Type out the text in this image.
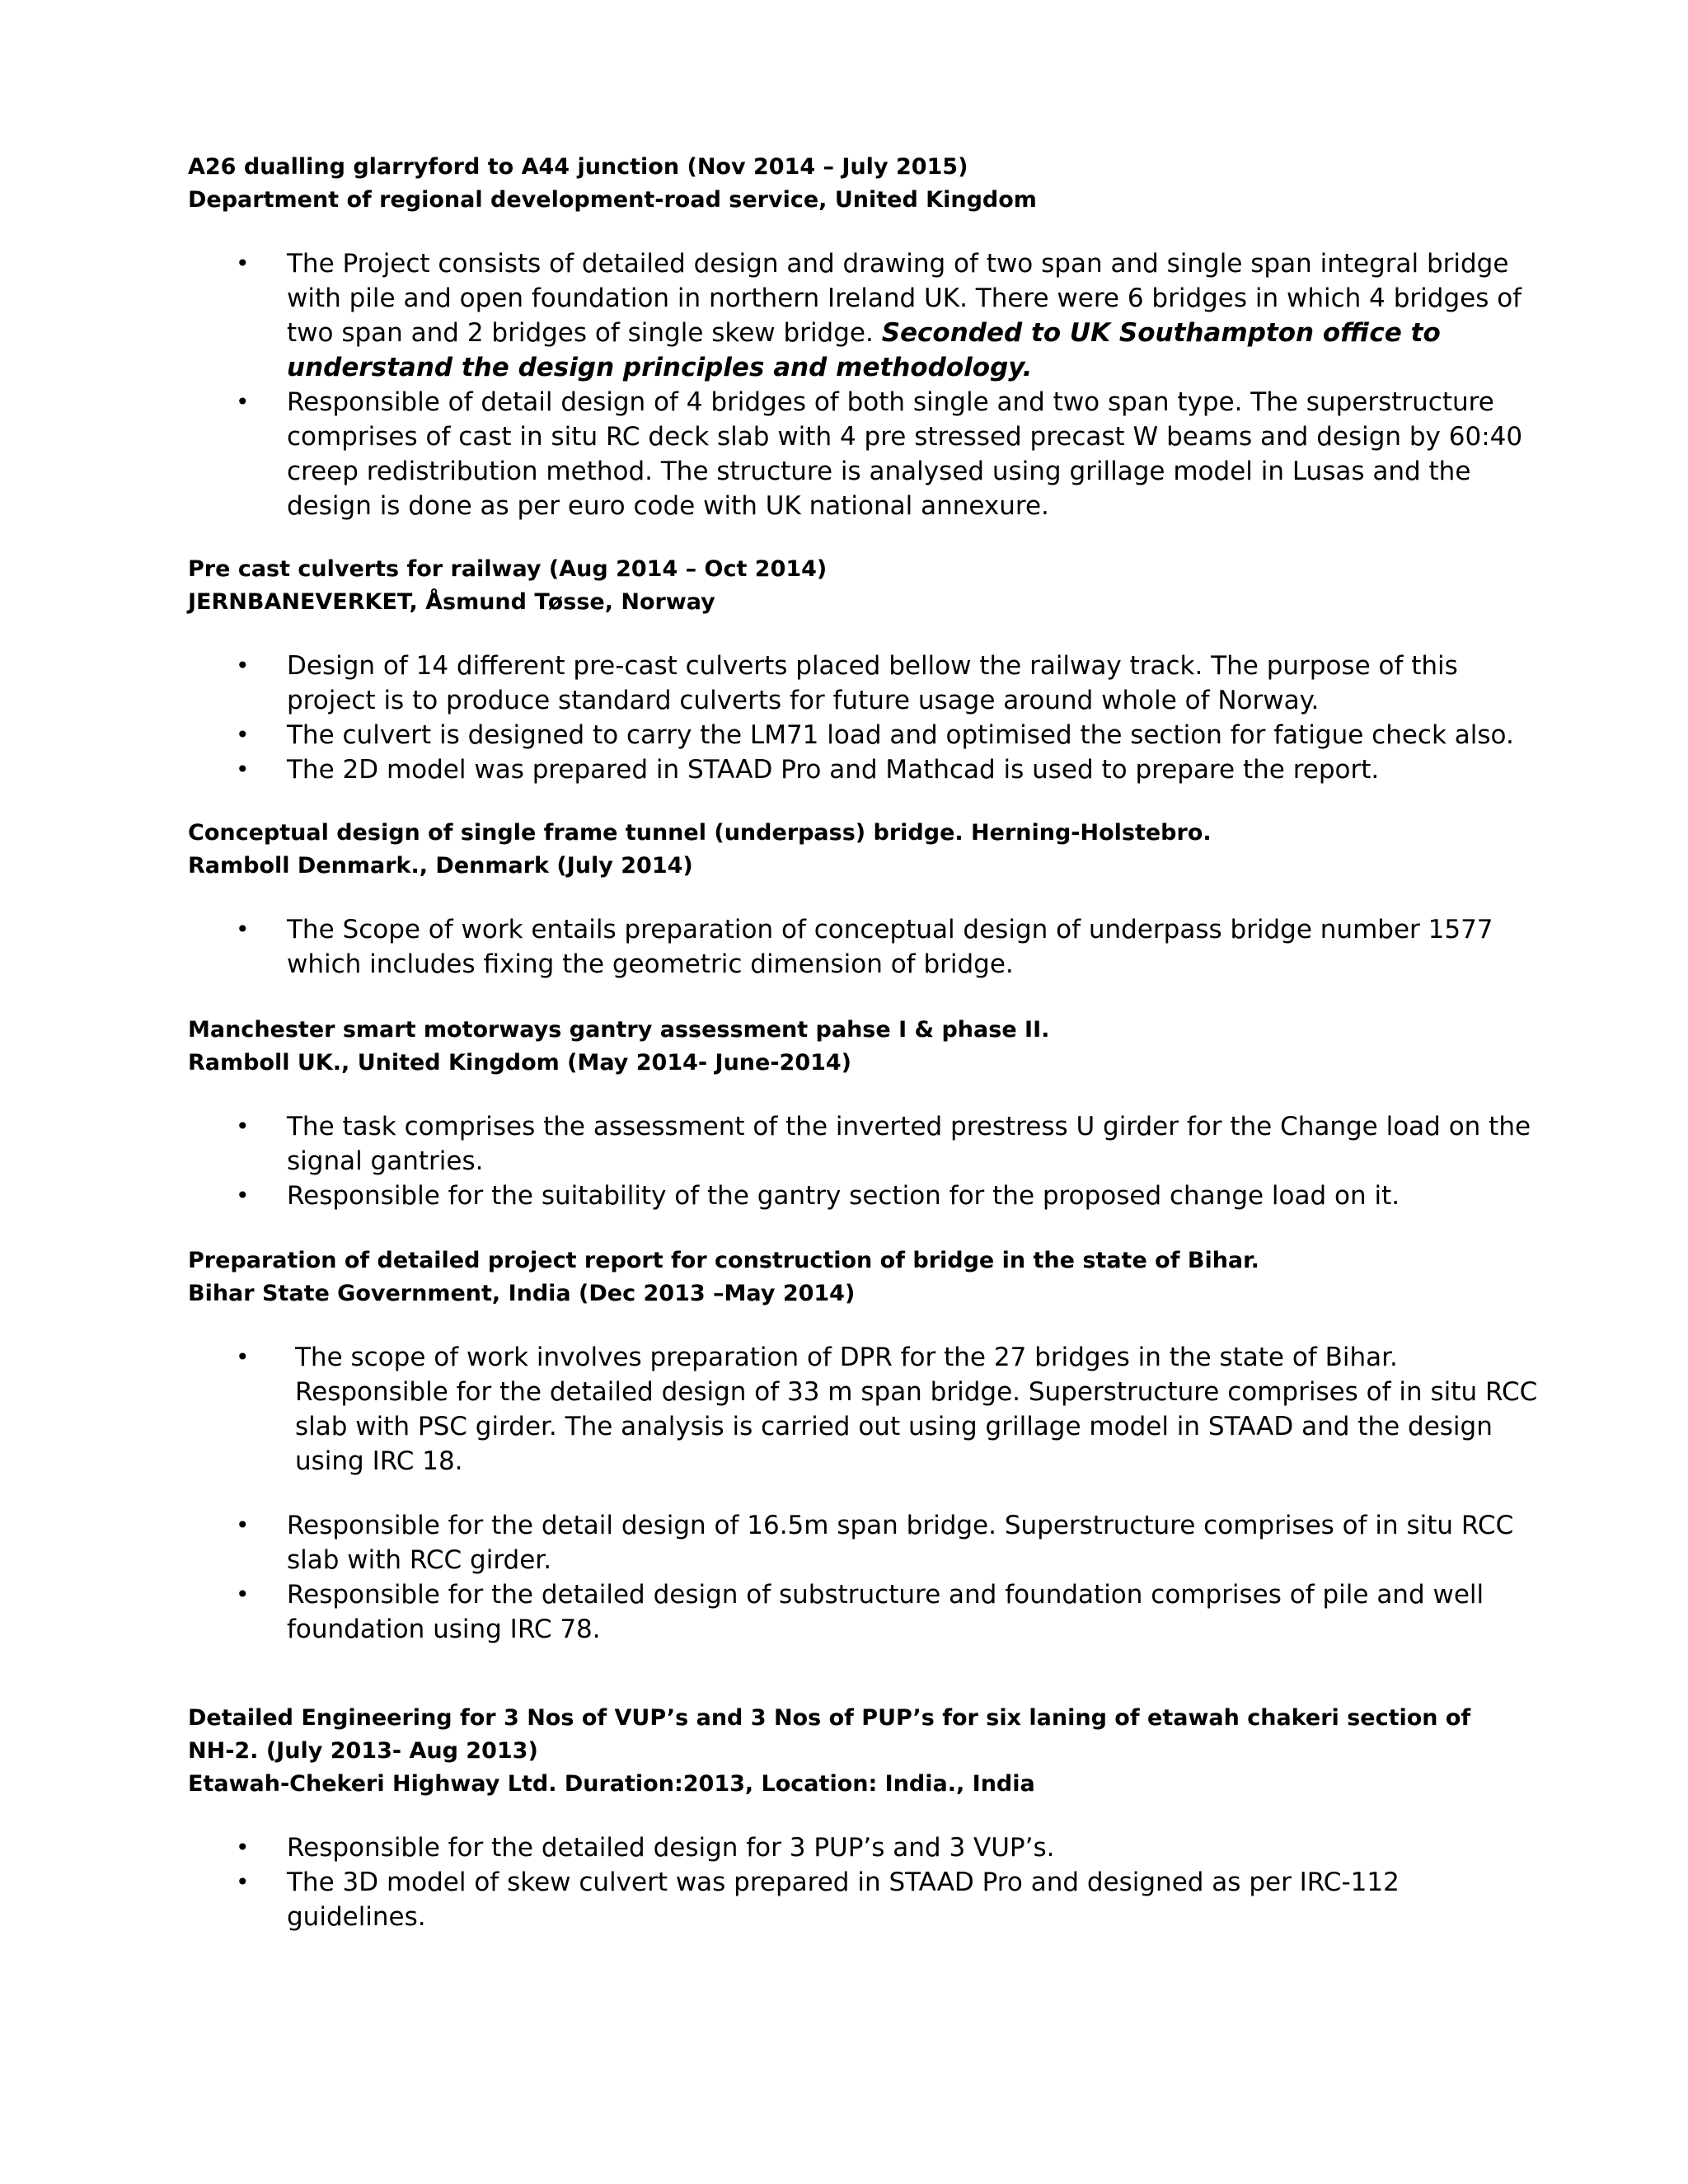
A26 dualling glarryford to A44 junction (Nov 2014 – July 2015)

Department of regional development-road service, United Kingdom

• The Project consists of detailed design and drawing of two span and single span integral bridge with pile and open foundation in northern Ireland UK. There were 6 bridges in which 4 bridges of two span and 2 bridges of single skew bridge. Seconded to UK Southampton office to understand the design principles and methodology.
• Responsible of detail design of 4 bridges of both single and two span type. The superstructure comprises of cast in situ RC deck slab with 4 pre stressed precast W beams and design by 60:40 creep redistribution method. The structure is analysed using grillage model in Lusas and the design is done as per euro code with UK national annexure.

Pre cast culverts for railway (Aug 2014 – Oct 2014)

JERNBANEVERKET, Åsmund Tøsse, Norway

• Design of 14 different pre-cast culverts placed bellow the railway track. The purpose of this project is to produce standard culverts for future usage around whole of Norway.
• The culvert is designed to carry the LM71 load and optimised the section for fatigue check also.
• The 2D model was prepared in STAAD Pro and Mathcad is used to prepare the report.

Conceptual design of single frame tunnel (underpass) bridge. Herning-Holstebro.

Ramboll Denmark., Denmark (July 2014)

• The Scope of work entails preparation of conceptual design of underpass bridge number 1577 which includes fixing the geometric dimension of bridge.

Manchester smart motorways gantry assessment pahse I & phase II.

Ramboll UK., United Kingdom (May 2014- June-2014)

• The task comprises the assessment of the inverted prestress U girder for the Change load on the signal gantries.
• Responsible for the suitability of the gantry section for the proposed change load on it.

Preparation of detailed project report for construction of bridge in the state of Bihar.

Bihar State Government, India (Dec 2013 –May 2014)

• The scope of work involves preparation of DPR for the 27 bridges in the state of Bihar. Responsible for the detailed design of 33 m span bridge. Superstructure comprises of in situ RCC slab with PSC girder. The analysis is carried out using grillage model in STAAD and the design using IRC 18.
• Responsible for the detail design of 16.5m span bridge. Superstructure comprises of in situ RCC slab with RCC girder.
• Responsible for the detailed design of substructure and foundation comprises of pile and well foundation using IRC 78.

Detailed Engineering for 3 Nos of VUP’s and 3 Nos of PUP’s for six laning of etawah chakeri section of NH-2. (July 2013- Aug 2013)

Etawah-Chekeri Highway Ltd. Duration:2013, Location: India., India

• Responsible for the detailed design for 3 PUP’s and 3 VUP’s.
• The 3D model of skew culvert was prepared in STAAD Pro and designed as per IRC-112 guidelines.
